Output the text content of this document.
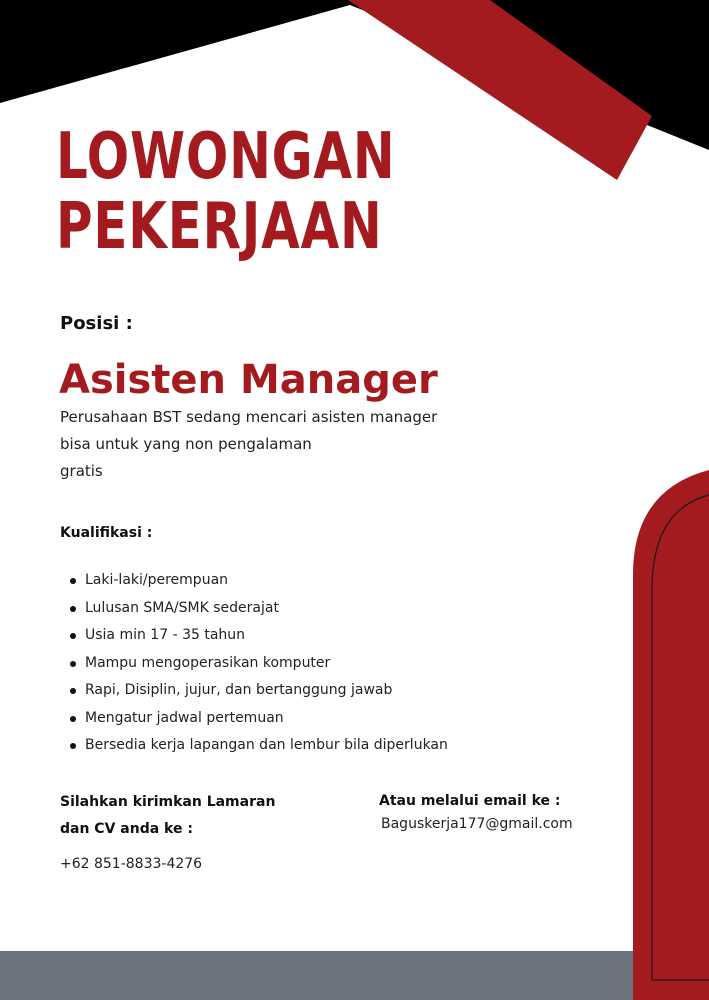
LOWONGAN
PEKERJAAN
Posisi :
Asisten Manager
Perusahaan BST sedang mencari asisten manager
bisa untuk yang non pengalaman
gratis
Kualifikasi :
Laki-laki/perempuan
Lulusan SMA/SMK sederajat
Usia min 17 - 35 tahun
Mampu mengoperasikan komputer
Rapi, Disiplin, jujur, dan bertanggung jawab
Mengatur jadwal pertemuan
Bersedia kerja lapangan dan lembur bila diperlukan
Silahkan kirimkan Lamaran
dan CV anda ke :
+62 851-8833-4276
Atau melalui email ke :
Baguskerja177@gmail.com
